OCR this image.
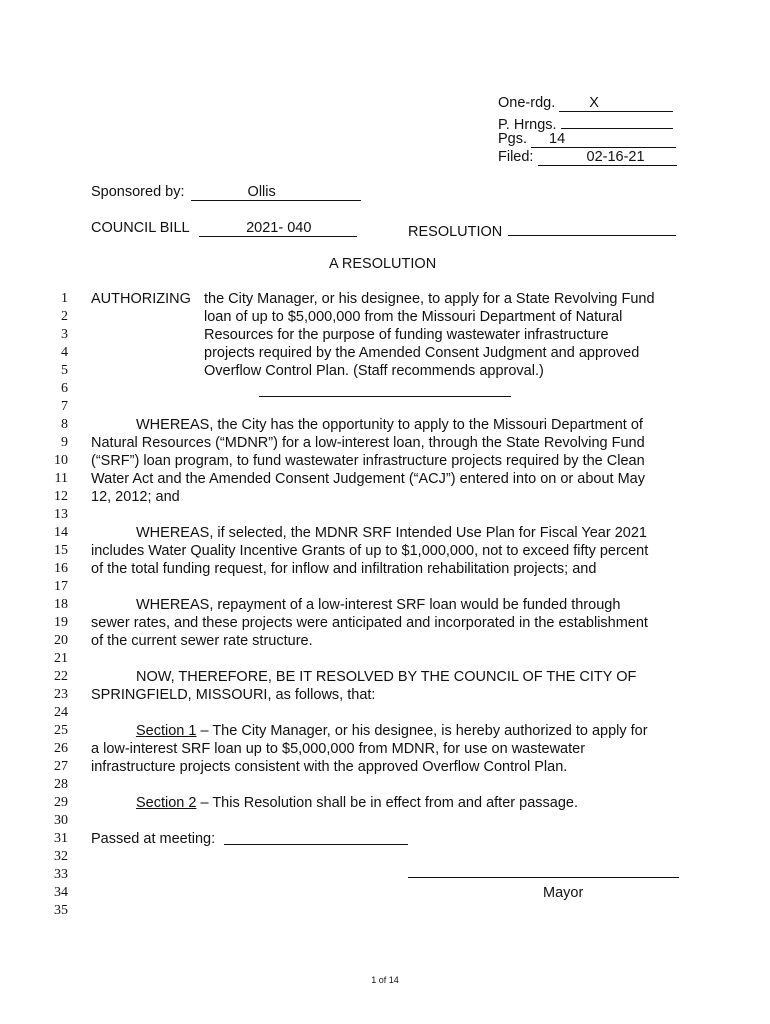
One-rdg. X
P. Hrngs.
Pgs. 14
Filed:	02-16-21
Sponsored by:	Ollis
COUNCIL BILL	2021- 040	RESOLUTION
A RESOLUTION
1
2
3
4
5
6
7
8
9
10
11
12
13
14
15
16
17
18
19
20
21
22
23
24
25
26
27
28
29
30
31
32
33
34
35
AUTHORIZING the City Manager, or his designee, to apply for a State Revolving Fund
loan of up to $5,000,000 from the Missouri Department of Natural
Resources for the purpose of funding wastewater infrastructure
projects required by the Amended Consent Judgment and approved
Overflow Control Plan. (Staff recommends approval.)
WHEREAS, the City has the opportunity to apply to the Missouri Department of
Natural Resources (“MDNR”) for a low-interest loan, through the State Revolving Fund
(“SRF”) loan program, to fund wastewater infrastructure projects required by the Clean
Water Act and the Amended Consent Judgement (“ACJ”) entered into on or about May
12, 2012; and
WHEREAS, if selected, the MDNR SRF Intended Use Plan for Fiscal Year 2021
includes Water Quality Incentive Grants of up to $1,000,000, not to exceed fifty percent
of the total funding request, for inflow and infiltration rehabilitation projects; and
WHEREAS, repayment of a low-interest SRF loan would be funded through
sewer rates, and these projects were anticipated and incorporated in the establishment
of the current sewer rate structure.
NOW, THEREFORE, BE IT RESOLVED BY THE COUNCIL OF THE CITY OF
SPRINGFIELD, MISSOURI, as follows, that:
Section 1 – The City Manager, or his designee, is hereby authorized to apply for
a low-interest SRF loan up to $5,000,000 from MDNR, for use on wastewater
infrastructure projects consistent with the approved Overflow Control Plan.
Section 2 – This Resolution shall be in effect from and after passage.
Passed at meeting:
Mayor
1 of 14
